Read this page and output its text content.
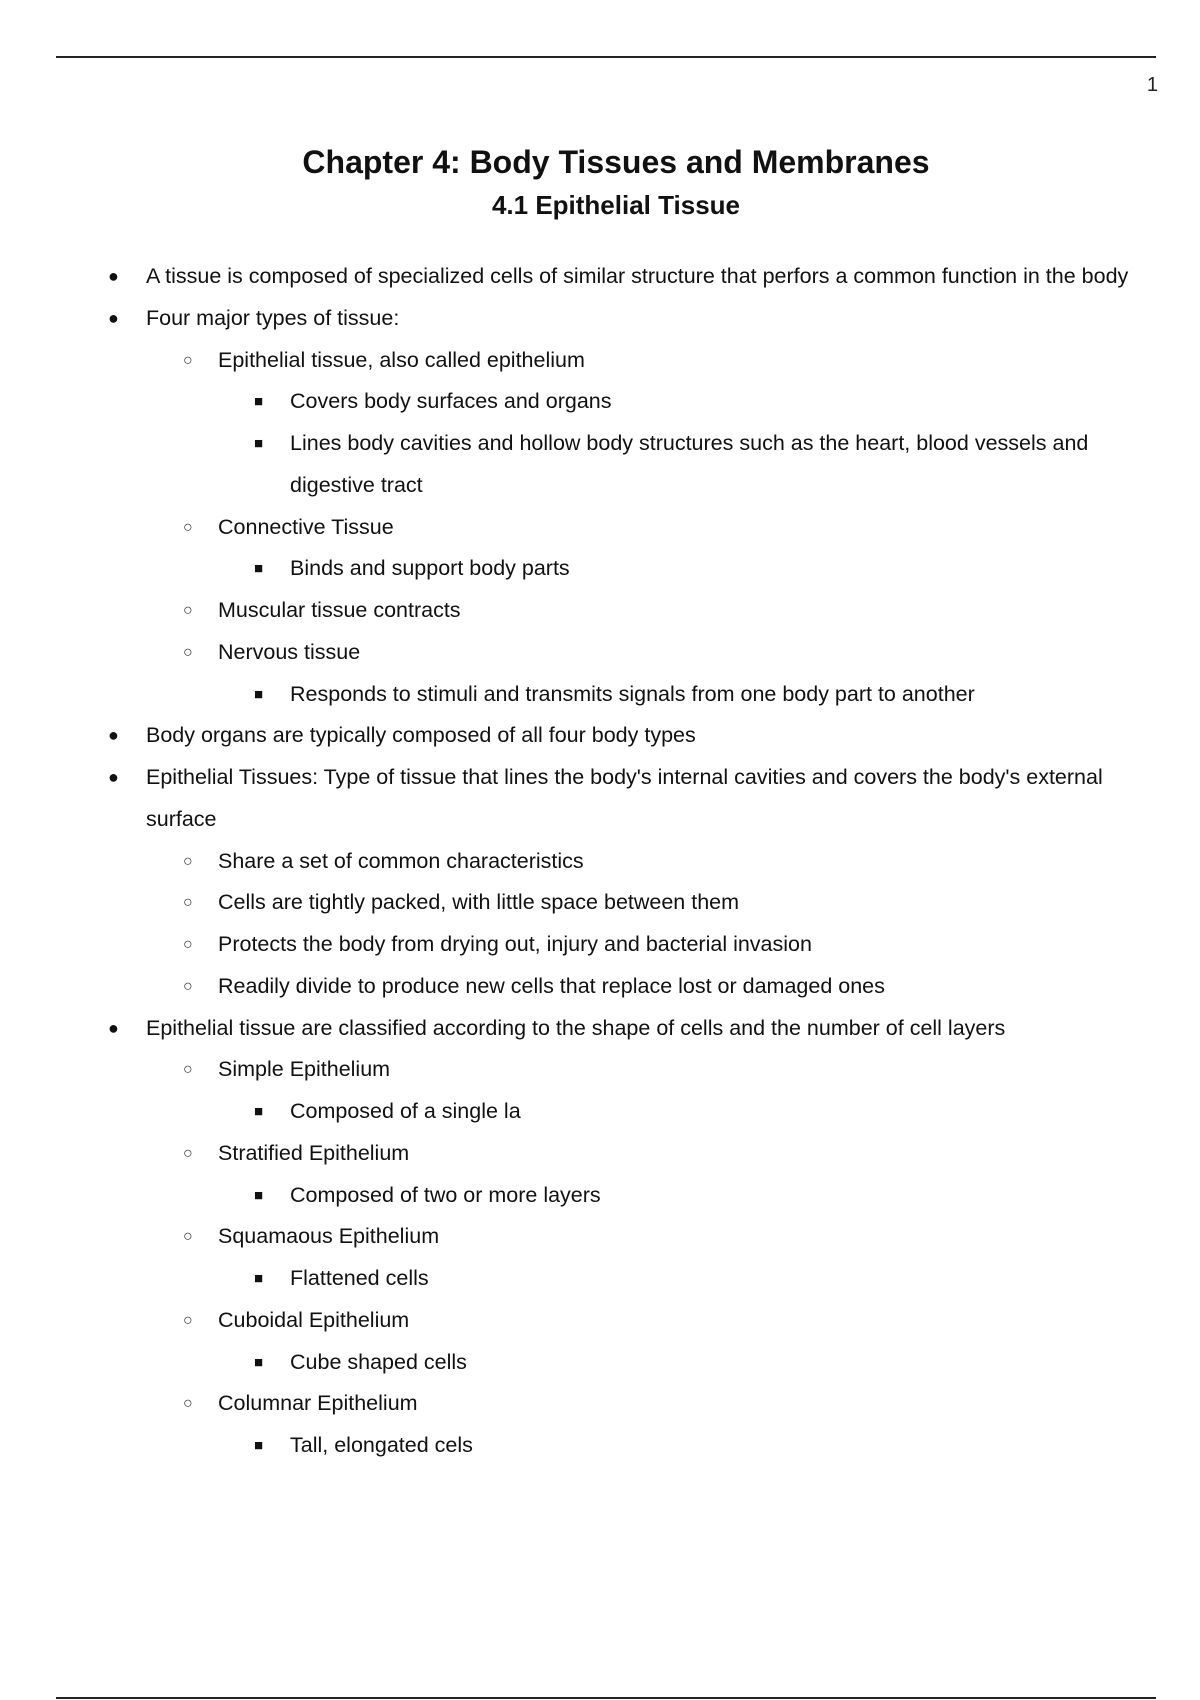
1
Chapter 4: Body Tissues and Membranes
4.1 Epithelial Tissue
● A tissue is composed of specialized cells of similar structure that perfors a common function in the body
● Four major types of tissue:
○ Epithelial tissue, also called epithelium
■ Covers body surfaces and organs
■ Lines body cavities and hollow body structures such as the heart, blood vessels and digestive tract
○ Connective Tissue
■ Binds and support body parts
○ Muscular tissue contracts
○ Nervous tissue
■ Responds to stimuli and transmits signals from one body part to another
● Body organs are typically composed of all four body types
● Epithelial Tissues: Type of tissue that lines the body's internal cavities and covers the body's external surface
○ Share a set of common characteristics
○ Cells are tightly packed, with little space between them
○ Protects the body from drying out, injury and bacterial invasion
○ Readily divide to produce new cells that replace lost or damaged ones
● Epithelial tissue are classified according to the shape of cells and the number of cell layers
○ Simple Epithelium
■ Composed of a single la
○ Stratified Epithelium
■ Composed of two or more layers
○ Squamaous Epithelium
■ Flattened cells
○ Cuboidal Epithelium
■ Cube shaped cells
○ Columnar Epithelium
■ Tall, elongated cels
